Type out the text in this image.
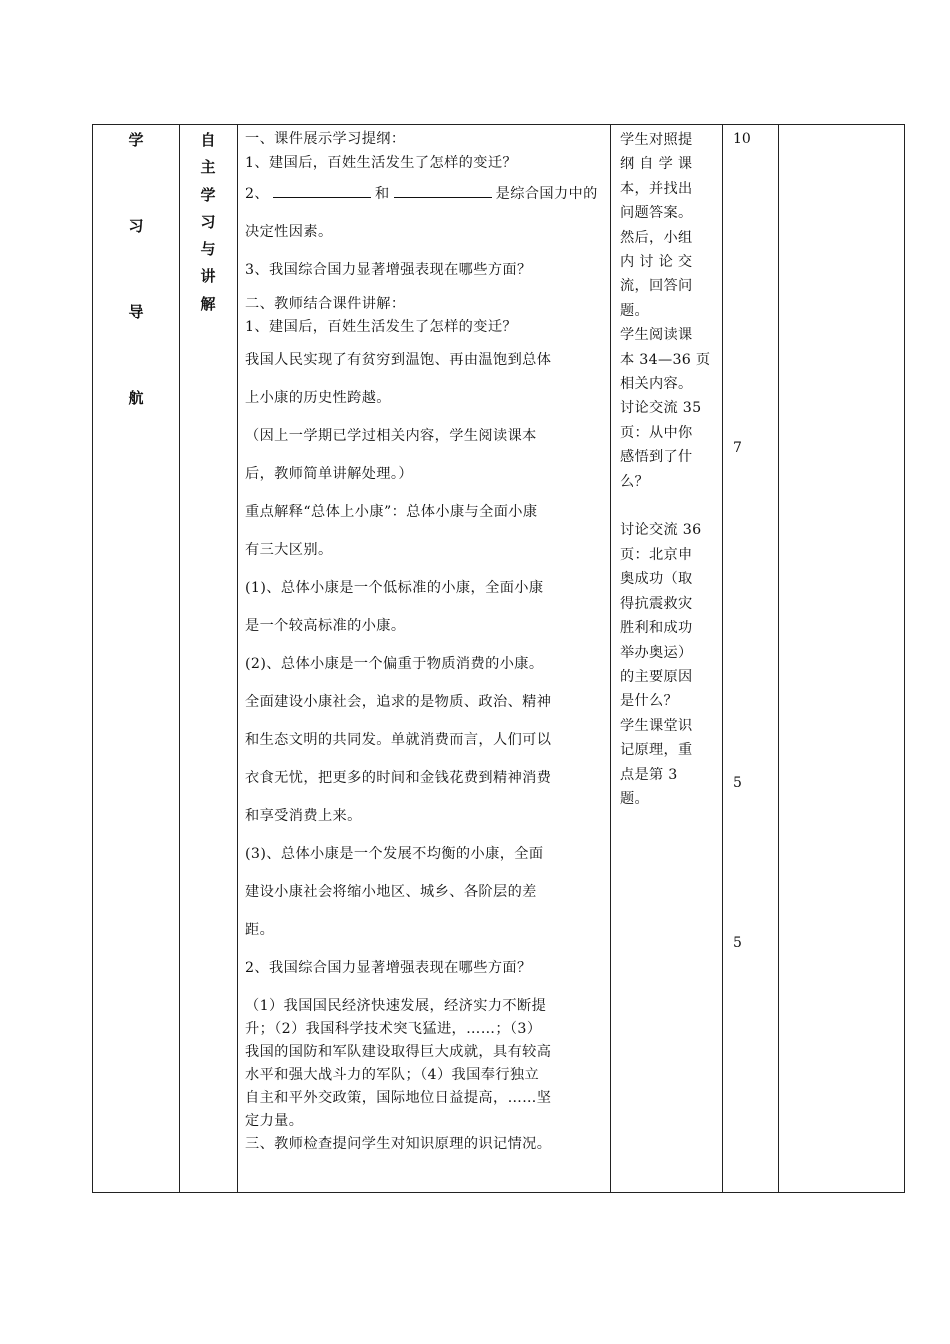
学
习
导
航
自
主
学
习
与
讲
解

一、课件展示学习提纲：

1、建国后，百姓生活发生了怎样的变迁？

2、	和	是综合国力中的

决定性因素。

3、我国综合国力显著增强表现在哪些方面？

二、教师结合课件讲解：

1、建国后，百姓生活发生了怎样的变迁？

我国人民实现了有贫穷到温饱、再由温饱到总体

上小康的历史性跨越。

（因上一学期已学过相关内容，学生阅读课本

后，教师简单讲解处理。）

重点解释“总体上小康”：总体小康与全面小康

有三大区别。

(1)、总体小康是一个低标准的小康，全面小康

是一个较高标准的小康。

(2)、总体小康是一个偏重于物质消费的小康。

全面建设小康社会，追求的是物质、政治、精神

和生态文明的共同发。单就消费而言，人们可以

衣食无忧，把更多的时间和金钱花费到精神消费

和享受消费上来。

(3)、总体小康是一个发展不均衡的小康，全面

建设小康社会将缩小地区、城乡、各阶层的差

距。

2、我国综合国力显著增强表现在哪些方面？

（1）我国国民经济快速发展，经济实力不断提

升；（2）我国科学技术突飞猛进，……；（3）

我国的国防和军队建设取得巨大成就，具有较高

水平和强大战斗力的军队；（4）我国奉行独立

自主和平外交政策，国际地位日益提高，……坚

定力量。

三、教师检查提问学生对知识原理的识记情况。

学生对照提

纲 自 学 课

本，并找出

问题答案。

然后，小组

内 讨 论 交

流，回答问

题。

学生阅读课

本 34—36 页

相关内容。

讨论交流 35

页：从中你

感悟到了什

么？

讨论交流 36

页：北京申

奥成功（取

得抗震救灾

胜利和成功

举办奥运）

的主要原因

是什么？

学生课堂识

记原理，重

点是第 3

题。

10
7
5
5
